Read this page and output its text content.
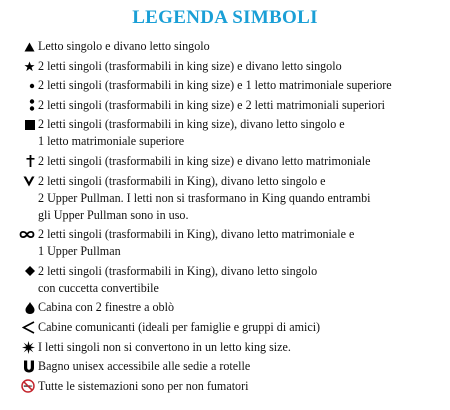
LEGENDA SIMBOLI
Letto singolo e divano letto singolo
2 letti singoli (trasformabili in king size) e divano letto singolo
2 letti singoli (trasformabili in king size) e 1 letto matrimoniale superiore
2 letti singoli (trasformabili in king size) e 2 letti matrimoniali superiori
2 letti singoli (trasformabili in king size), divano letto singolo e
1 letto matrimoniale superiore
2 letti singoli (trasformabili in king size) e divano letto matrimoniale
2 letti singoli (trasformabili in King), divano letto singolo e
2 Upper Pullman. I letti non si trasformano in King quando entrambi
gli Upper Pullman sono in uso.
2 letti singoli (trasformabili in King), divano letto matrimoniale e
1 Upper Pullman
2 letti singoli (trasformabili in King), divano letto singolo
con cuccetta convertibile
Cabina con 2 finestre a oblò
Cabine comunicanti (ideali per famiglie e gruppi di amici)
I letti singoli non si convertono in un letto king size.
Bagno unisex accessibile alle sedie a rotelle
Tutte le sistemazioni sono per non fumatori
